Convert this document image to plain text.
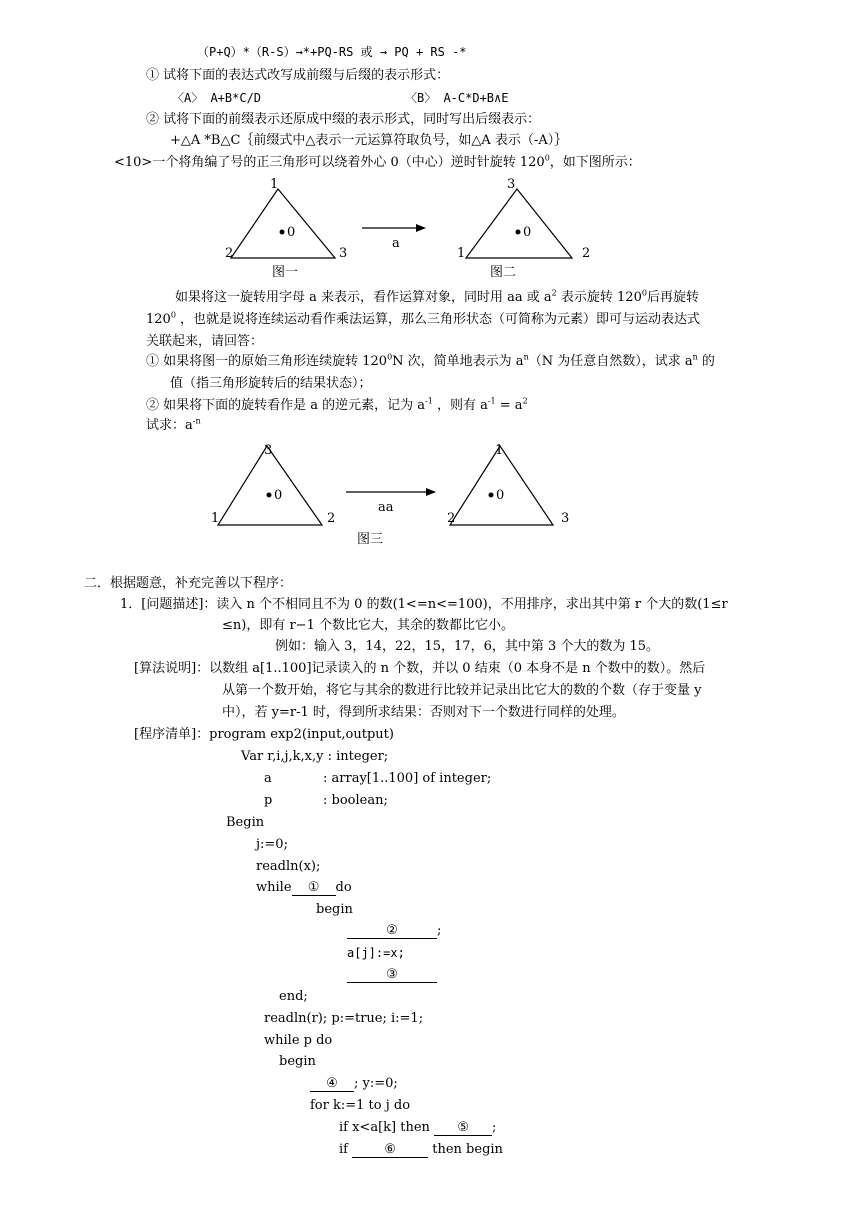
（P+Q）*（R-S）→*+PQ-RS 或 → PQ + RS -*
① 试将下面的表达式改写成前缀与后缀的表示形式：
〈A〉 A+B*C/D	〈B〉 A-C*D+B∧E
② 试将下面的前缀表示还原成中缀的表示形式，同时写出后缀表示：
+△A *B△C｛前缀式中△表示一元运算符取负号，如△A 表示（-A）｝
<10>一个将角编了号的正三角形可以绕着外心 0（中心）逆时针旋转 $120^0$，如下图所示：
0
1
2	3
图一
a
0
3
1	2
图二
0
3
1	2
图三
aa
0
1
2	3
如果将这一旋转用字母 a 来表示，看作运算对象，同时用 aa 或 $a^2$ 表示旋转 $120^0$后再旋转
$120^0$ ，也就是说将连续运动看作乘法运算，那么三角形状态（可简称为元素）即可与运动表达式
关联起来，请回答：
① 如果将图一的原始三角形连续旋转 $120^0N$ 次，简单地表示为 $a^n(N$ 为任意自然数），试求 $a^n$ 的
值（指三角形旋转后的结果状态）；
② 如果将下面的旋转看作是 a 的逆元素，记为 $a^{-1}$ ，则有 $a^{-1} = a^2$
试求：$a^{-n}$
二．根据题意，补充完善以下程序：
1．[问题描述]：读入 n 个不相同且不为 0 的数(1<=n<=100)，不用排序，求出其中第 r 个大的数(1≤r
≤n)，即有 r−1 个数比它大，其余的数都比它小。
例如：输入 3，14，22，15，17，6，其中第 3 个大的数为 15。
[算法说明]：以数组 a[1..100]记录读入的 n 个数，并以 0 结束（0 本身不是 n 个数中的数）。然后
从第一个数开始，将它与其余的数进行比较并记录出比它大的数的个数（存于变量 y
中），若 y=r-1 时，得到所求结果：否则对下一个数进行同样的处理。
[程序清单]：program exp2(input,output)
Var r,i,j,k,x,y : integer;
a	: array[1..100] of integer;
p	: boolean;
Begin
j:=0;
readln(x);
while ① do
begin
②	;
a[j]:=x;
③
end;
readln(r); p:=true; i:=1;
while p do
begin
④ ; y:=0;
for k:=1 to j do
if x<a[k] then ⑤ ;
if	⑥	then begin
